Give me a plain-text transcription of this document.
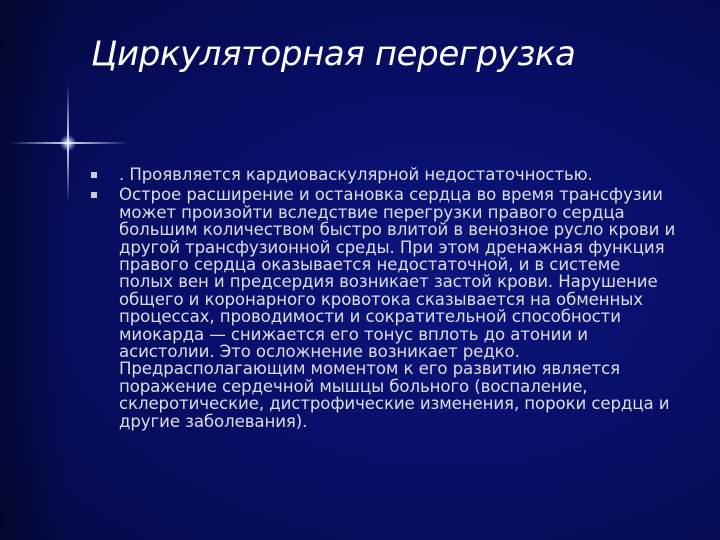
Циркуляторная перегрузка
. Проявляется кардиоваскулярной недостаточностью.
Острое расширение и остановка сердца во время трансфузии может произойти вследствие перегрузки правого сердца большим количеством быстро влитой в венозное русло крови и другой трансфузионной среды. При этом дренажная функция правого сердца оказывается недостаточной, и в системе полых вен и предсердия возникает застой крови. Нарушение общего и коронарного кровотока сказывается на обменных процессах, проводимости и сократительной способности миокарда — снижается его тонус вплоть до атонии и асистолии. Это осложнение возникает редко. Предрасполагающим моментом к его развитию является поражение сердечной мышцы больного (воспаление, склеротические, дистрофические изменения, пороки сердца и другие заболевания).
